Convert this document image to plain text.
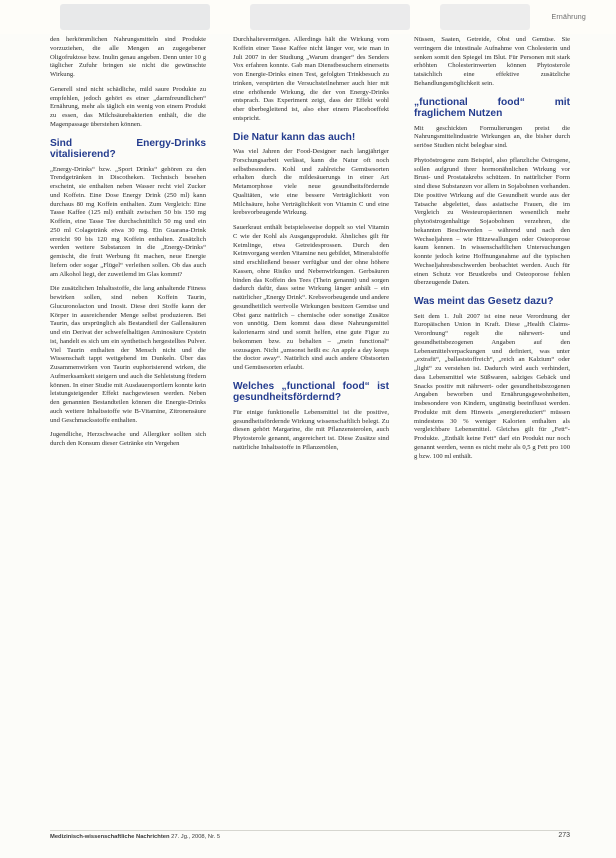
Ernährung

den herkömmlichen Nahrungsmitteln sind Produkte vorzuziehen, die alle Mengen an zugegebener Oligofruktose bzw. Inulin genau angeben. Denn unter 10 g täglicher Zufuhr bringen sie nicht die gewünschte Wirkung.

Generell sind nicht schädliche, mild saure Produkte zu empfehlen, jedoch gehört es einer „darmfreundlichen“ Ernährung, mehr als täglich ein wenig von einem Produkt zu essen, das Milchsäurebakterien enthält, die die Magenpassage überstehen können.

Sind Energy-Drinks vitalisierend?

„Energy-Drinks“ bzw. „Sport Drinks“ gehören zu den Trendgetränken in Discotheken. Technisch besehen erscheint, sie enthalten neben Wasser recht viel Zucker und Koffein. Eine Dose Energy Drink (250 ml) kann durchaus 80 mg Koffein enthalten. Zum Vergleich: Eine Tasse Kaffee (125 ml) enthält zwischen 50 bis 150 mg Koffein, eine Tasse Tee durchschnittlich 50 mg und ein 250 ml Colagetränk etwa 30 mg. Ein Guarana-Drink erreicht 90 bis 120 mg Koffein enthalten. Zusätzlich werden weitere Substanzen in die „Energy-Drinks“ gemischt, die fruit Werbung fit machen, neue Energie liefern oder sogar „Flügel“ verleihen sollen. Ob das auch am Alkohol liegt, der zuweilemd im Glas kommt?

Die zusätzlichen Inhaltsstoffe, die lang anhaltende Fitness bewirken sollen, sind neben Koffein Taurin, Glucuronolacton und Inosit. Diese drei Stoffe kann der Körper in ausreichender Menge selbst produzieren. Bei Taurin, das ursprünglich als Bestandteil der Gallensäuren und ein Derivat der schwefelhaltigen Aminosäure Cystein ist, handelt es sich um ein synthetisch hergestelltes Pulver. Viel Taurin enthalten der Mensch nicht und die Wissenschaft tappt weitgehend im Dunkeln. Über das Zusammenwirken von Taurin euphorisierend wirken, die Aufmerksamkeit steigern und auch die Sehleistung fördern können. In einer Studie mit Ausdauersportlern konnte kein leistungsteigender Effekt nachgewiesen werden. Neben den genannten Bestandteilen können die Energie-Drinks auch weitere Inhaltsstoffe wie B-Vitamine, Zitronensäure und Geschmacksstoffe enthalten.

Jugendliche, Herzschwache und Allergiker sollten sich durch den Konsum dieser Getränke ein Vergehen

Durchhaltevermögen. Allerdings hält die Wirkung vom Koffein einer Tasse Kaffee nicht länger vor, wie man in Juli 2007 in der Studiung „Warum dranger“ des Senders Vox erfahren konnte. Gab man Dienstbesuchern einerseits von Energie-Drinks einen Test, gefolgten Trinkbesuch zu trinken, verspürten die Versuchsteilnehmer auch hier mit eine erhöhende Wirkung, die der von Energy-Drinks entsprach. Das Experiment zeigt, dass der Effekt wohl eher überbegleitend ist, also eher einem Placeboeffekt entspricht.

Die Natur kann das auch!

Was viel Jahren der Food-Designer nach langjähriger Forschungsarbeit verlässt, kann die Natur oft noch selbstbesonders. Kohl und zahlreiche Gemüsesorten erhalten durch die mildesäuerungs in einer Art Metamorphose viele neue gesundheitsfördernde Qualitäten, wie eine bessere Verträglichkeit von Milchsäure, hohe Verträglichkeit von Vitamin C und eine krebsvorbeugende Wirkung.

Sauerkraut enthält beispielsweise doppelt so viel Vitamin C wie der Kohl als Ausgangsprodukt. Ähnliches gilt für Keimlinge, etwa Getreidesprossen. Durch den Keimvorgang werden Vitamine neu gebildet, Mineralstoffe sind erschließend besser verfügbar und der ohne höhere Kassen, ohne Risiko und Nebenwirkungen. Gerbsäuren binden das Koffein des Tees (Thein genannt) und sorgen dadurch dafür, dass seine Wirkung länger anhält – ein natürlicher „Energy Drink“. Krebsvorbeugende und andere gesundheitlich wertvolle Wirkungen besitzen Gemüse und Obst ganz natürlich – chemische oder sonstige Zusätze von unnötig. Dem kommt dass diese Nahrungsmittel kalorienarm sind und somit helfen, eine gute Figur zu bekommen bzw. zu behalten – „mein functional“ sozusagen. Nicht „umsonst heißt es: An apple a day keeps the doctor away“. Natürlich sind auch andere Obstsorten und Gemüsesorten erlaubt.

Welches „functional food“ ist gesundheitsfördernd?

Für einige funktionelle Lebensmittel ist die positive, gesundheitsfördernde Wirkung wissenschaftlich belegt. Zu diesen gehört Margarine, die mit Pflanzensterolen, auch Phytosterole genannt, angereichert ist. Diese Zusätze sind natürliche Inhaltsstoffe in Pflanzenölen,

Nüssen, Saaten, Getreide, Obst und Gemüse. Sie verringern die intestinale Aufnahme von Cholesterin und senken somit den Spiegel im Blut. Für Personen mit stark erhöhten Cholesterinwerten können Phytosterole tatsächlich eine effektive zusätzliche Behandlungsmöglichkeit sein.

„functional food“ mit fraglichem Nutzen

Mit geschickten Formulierungen preist die Nahrungsmittelindustrie Wirkungen an, die bisher durch seriöse Studien nicht belegbar sind.

Phytoöstrogene zum Beispiel, also pflanzliche Östrogene, sollen aufgrund ihrer hormonähnlichen Wirkung vor Brust- und Prostatakrebs schützen. In natürlicher Form sind diese Substanzen vor allem in Sojabohnen vorhanden. Die positive Wirkung auf die Gesundheit wurde aus der Tatsache abgeleitet, dass asiatische Frauen, die im Vergleich zu Westeuropäerinnen wesentlich mehr phytoöstrogenhaltige Sojaobohnen verzehren, die bekannten Beschwerden – während und nach den Wechseljahren – wie Hitzewallungen oder Osteoporose kaum kennen. In wissenschaftlichen Untersuchungen konnte jedoch keine Hoffnungsnahme auf die typischen Wechseljahresbeschwerden beobachtet werden. Auch für einen Schutz vor Brustkrebs und Osteoporose fehlen überzeugende Daten.

Was meint das Gesetz dazu?

Seit dem 1. Juli 2007 ist eine neue Verordnung der Europäischen Union in Kraft. Diese „Health Claims-Verordnung“ regelt die nährwert- und gesundheitsbezogenen Angaben auf den Lebensmittelverpackungen und definiert, was unter „extrafit“, „ballaststoffreich“, „reich an Kalzium“ oder „light“ zu verstehen ist. Dadurch wird auch verhindert, dass Lebensmittel wie Süßwaren, salziges Gebäck und Snacks positiv mit nährwert- oder gesundheitsbezogenen Angaben beworben und Ernährungsgewohnheiten, insbesondere von Kindern, ungünstig beeinflusst werden. Produkte mit dem Hinweis „energiereduziert“ müssen mindestens 30 % weniger Kalorien enthalten als vergleichbare Lebensmittel. Gleiches gilt für „Fett“-Produkte. „Enthält keine Fett“ darf ein Produkt nur noch genannt werden, wenn es nicht mehr als 0,5 g Fett pro 100 g bzw. 100 ml enthält.

Medizinisch-wissenschaftliche Nachrichten 27. Jg., 2008, Nr. 5	273
